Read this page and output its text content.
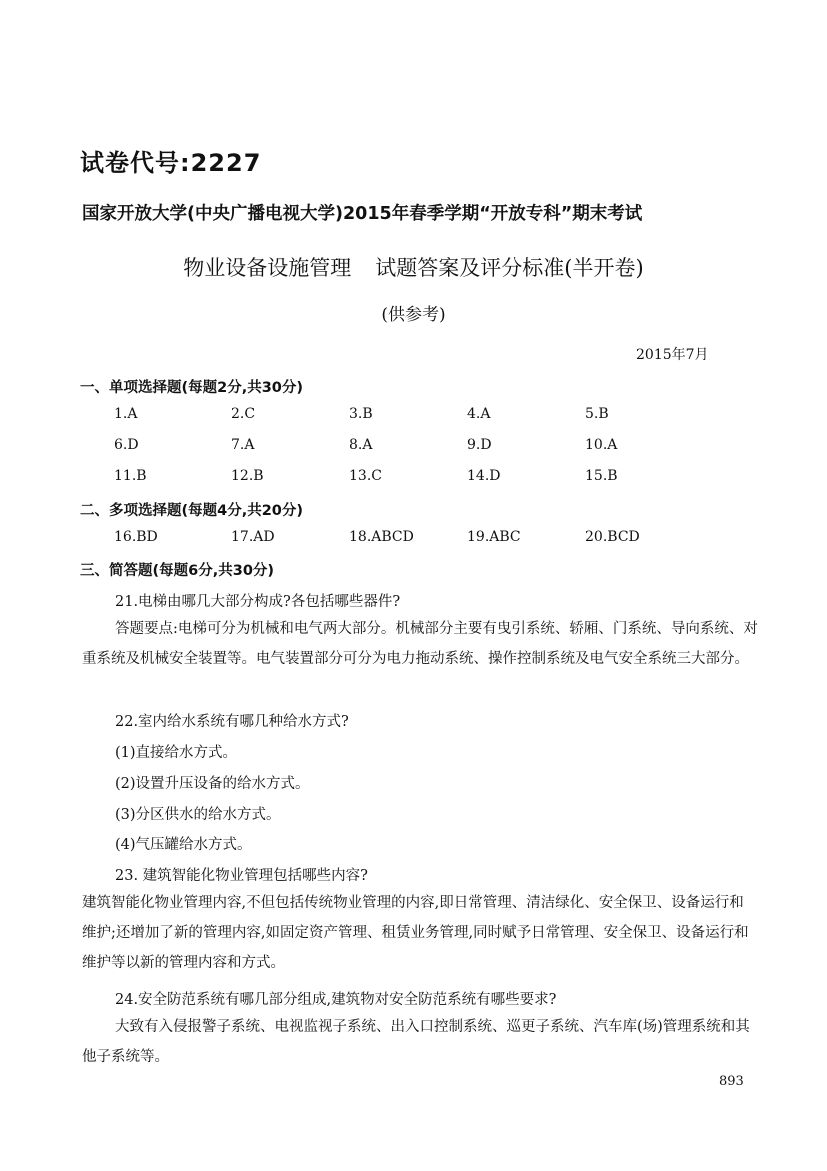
试卷代号:2227
国家开放大学(中央广播电视大学)2015年春季学期“开放专科”期末考试
物业设备设施管理 试题答案及评分标准(半开卷)
(供参考)
2015年7月
一、单项选择题(每题2分,共30分)
1.A	2.C	3.B	4.A	5.B
6.D	7.A	8.A	9.D	10.A
11.B	12.B	13.C	14.D	15.B
二、多项选择题(每题4分,共20分)
16.BD	17.AD	18.ABCD	19.ABC	20.BCD
三、简答题(每题6分,共30分)
21.电梯由哪几大部分构成?各包括哪些器件?
答题要点:电梯可分为机械和电气两大部分。机械部分主要有曳引系统、轿厢、门系统、导向系统、对重系统及机械安全装置等。电气装置部分可分为电力拖动系统、操作控制系统及电气安全系统三大部分。
22.室内给水系统有哪几种给水方式?
(1)直接给水方式。
(2)设置升压设备的给水方式。
(3)分区供水的给水方式。
(4)气压罐给水方式。
23. 建筑智能化物业管理包括哪些内容?
建筑智能化物业管理内容,不但包括传统物业管理的内容,即日常管理、清洁绿化、安全保卫、设备运行和维护;还增加了新的管理内容,如固定资产管理、租赁业务管理,同时赋予日常管理、安全保卫、设备运行和维护等以新的管理内容和方式。
24.安全防范系统有哪几部分组成,建筑物对安全防范系统有哪些要求?
大致有入侵报警子系统、电视监视子系统、出入口控制系统、巡更子系统、汽车库(场)管理系统和其他子系统等。
893
